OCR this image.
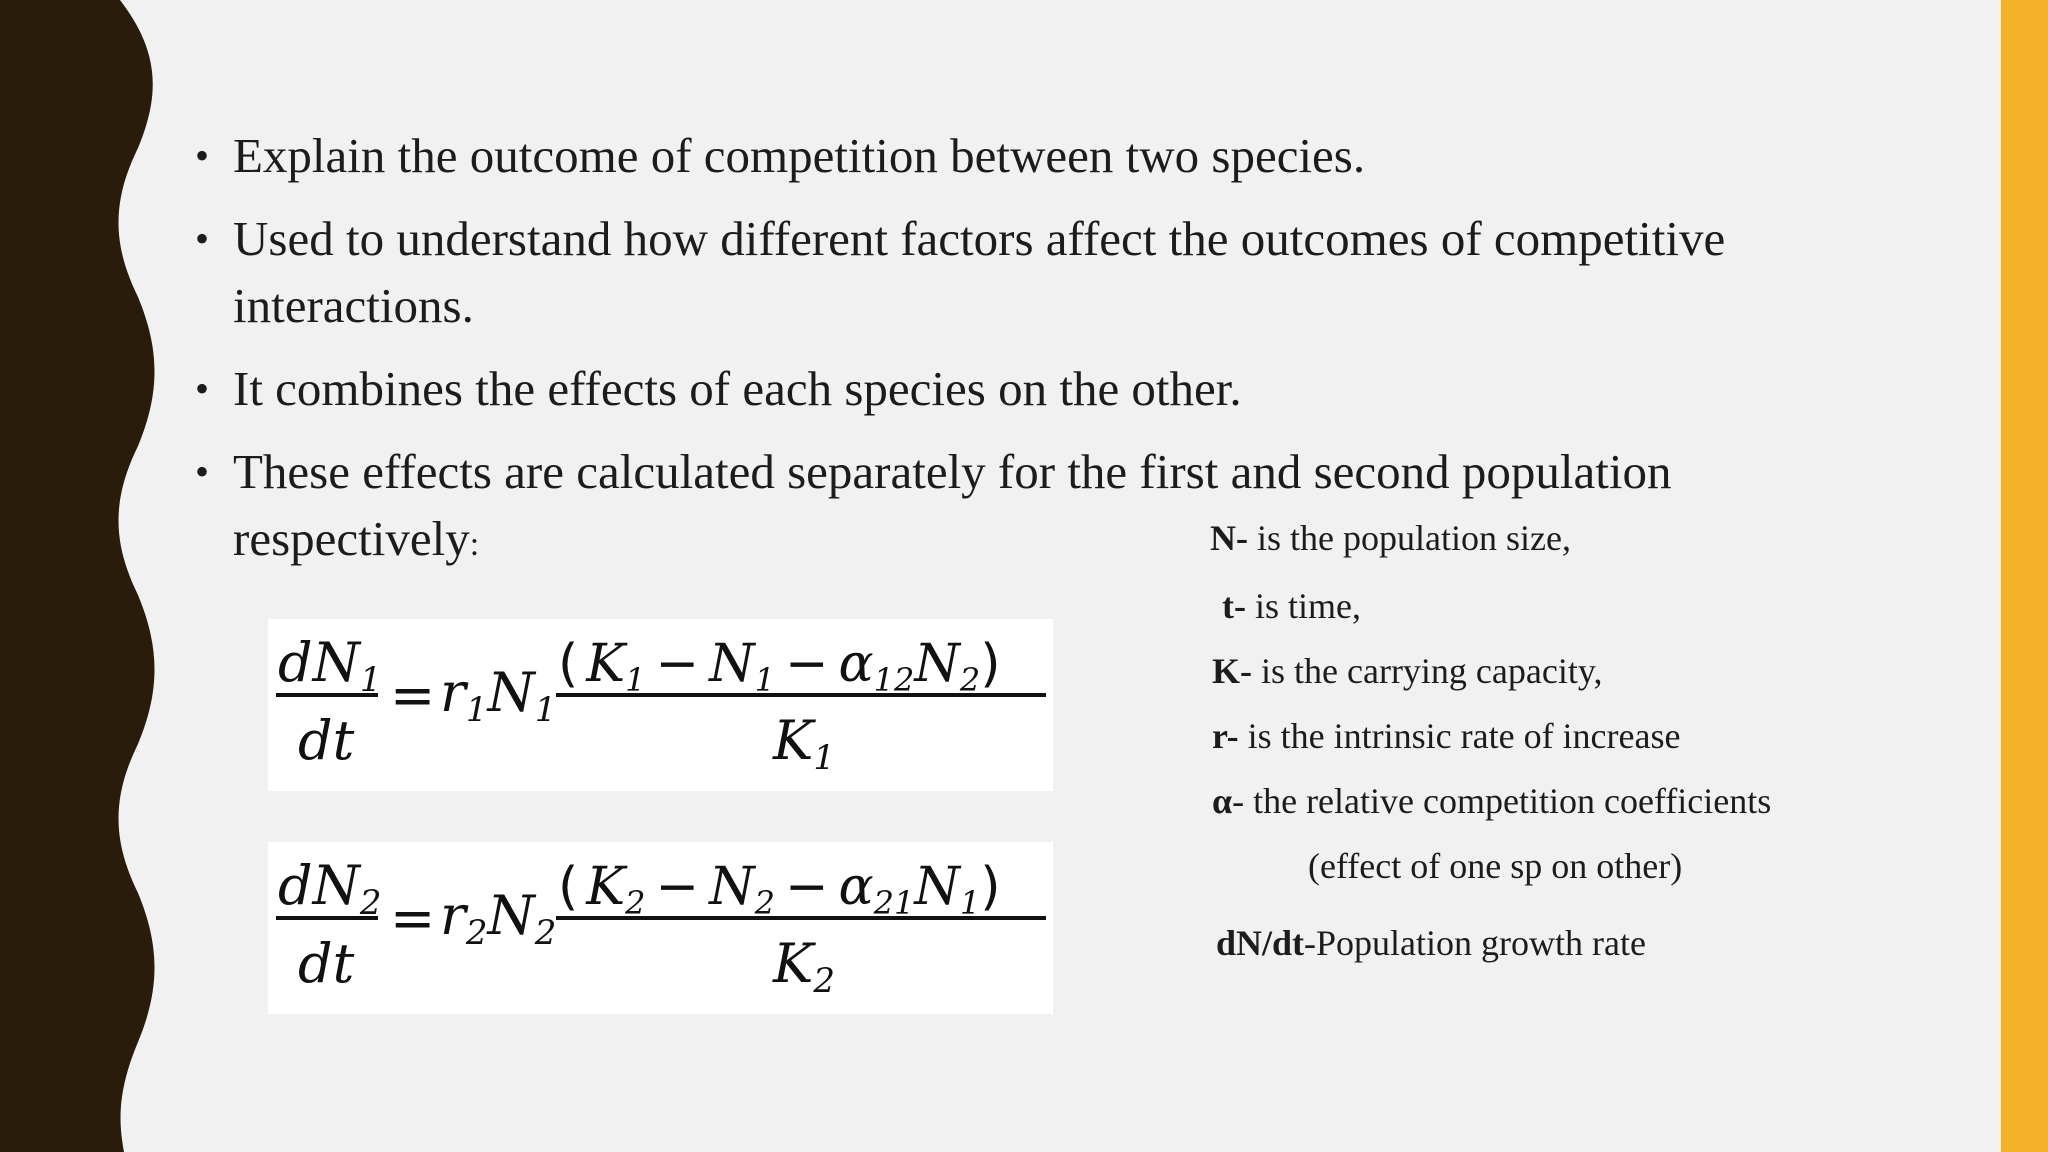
• Explain the outcome of competition between two species.
• Used to understand how different factors affect the outcomes of competitive interactions.
• It combines the effects of each species on the other.
• These effects are calculated separately for the first and second population respectively:
dN1
dt
= r1N1
( K1 − N1 − α12N2)
K1
dN2
dt
= r2N2
( K2 − N2 − α21N1)
K2
N- is the population size,
t- is time,
K- is the carrying capacity,
r- is the intrinsic rate of increase
α- the relative competition coefficients
(effect of one sp on other)
dN/dt-Population growth rate
